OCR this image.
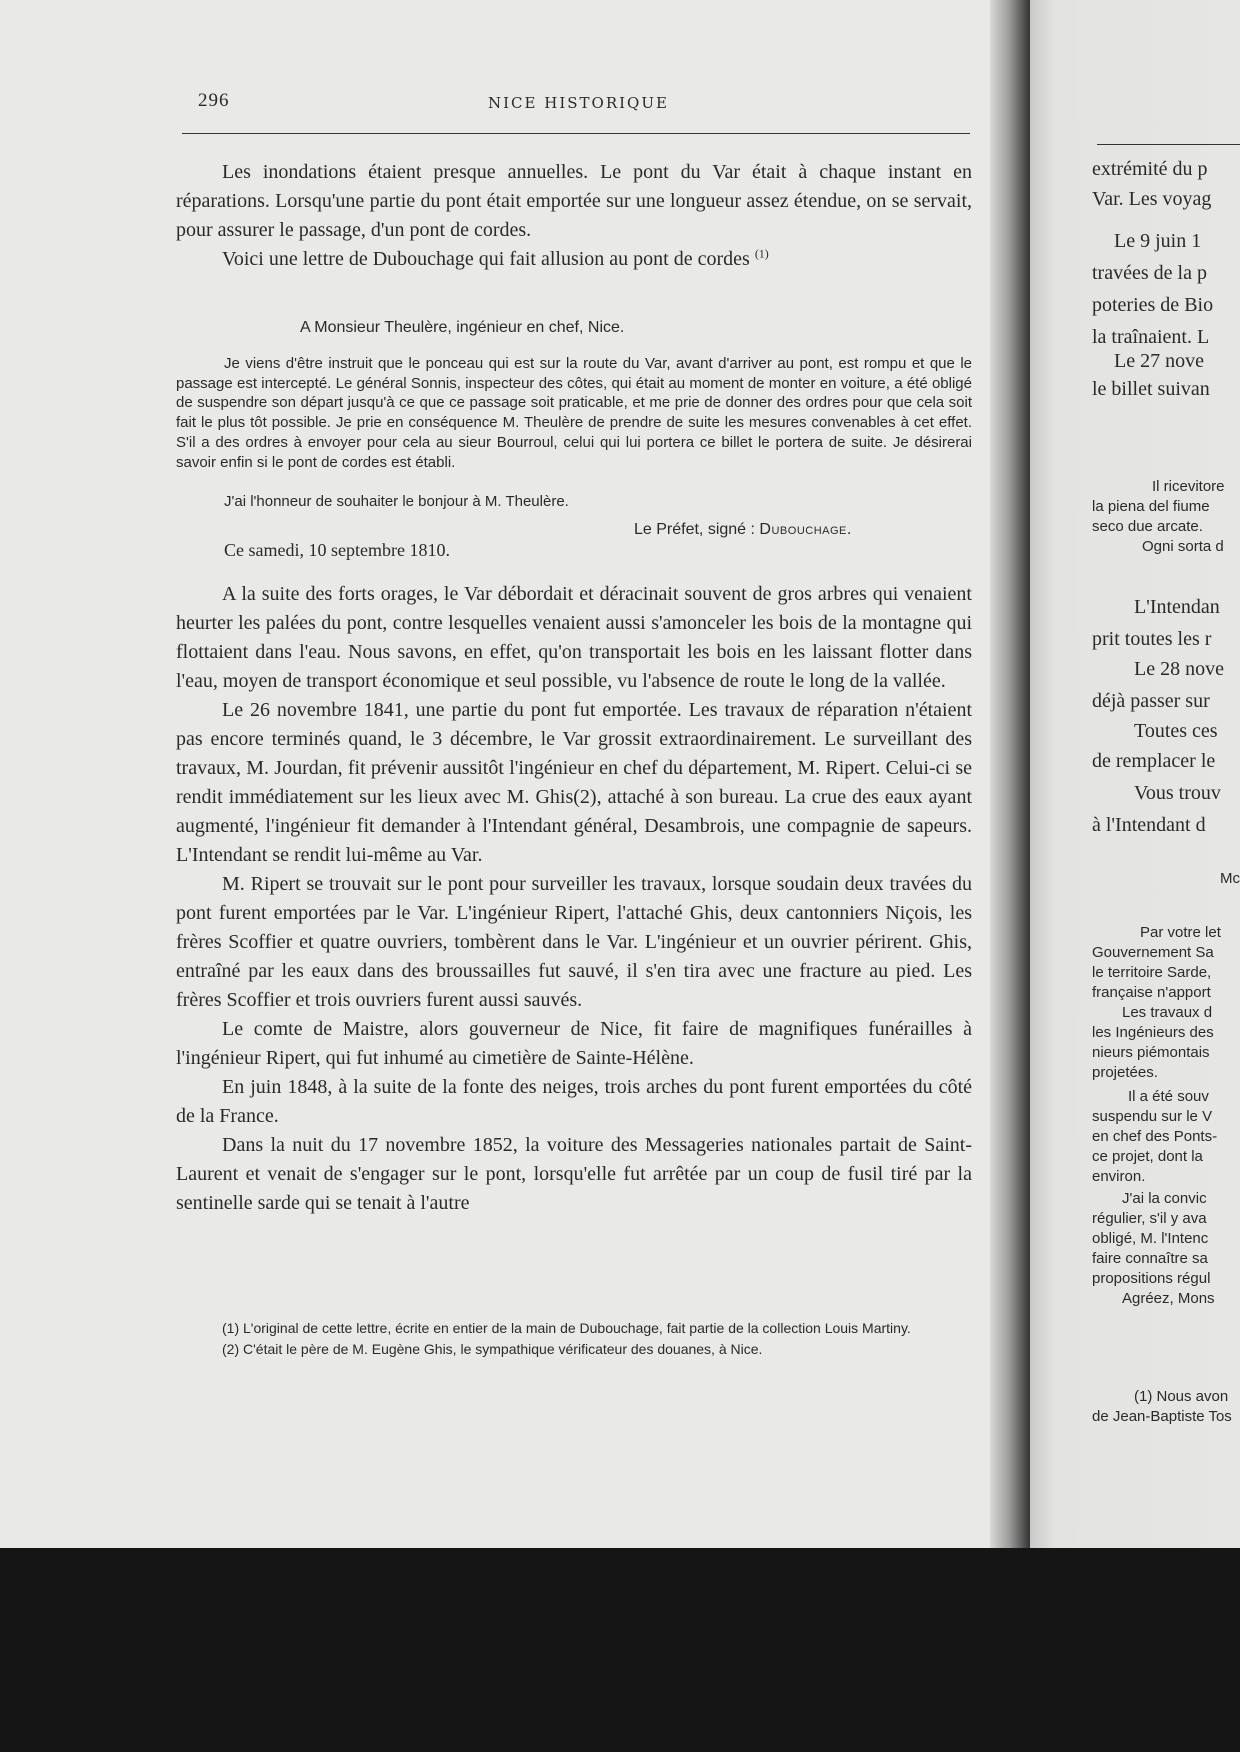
296	NICE HISTORIQUE

Les inondations étaient presque annuelles. Le pont du Var était à chaque instant en réparations. Lorsqu'une partie du pont était emportée sur une longueur assez étendue, on se servait, pour assurer le passage, d'un pont de cordes.

Voici une lettre de Dubouchage qui fait allusion au pont de cordes $^{(1)}$

A Monsieur Theulère, ingénieur en chef, Nice.

Je viens d'être instruit que le ponceau qui est sur la route du Var, avant d'arriver au pont, est rompu et que le passage est intercepté. Le général Sonnis, inspecteur des côtes, qui était au moment de monter en voiture, a été obligé de suspendre son départ jusqu'à ce que ce passage soit praticable, et me prie de donner des ordres pour que cela soit fait le plus tôt possible. Je prie en conséquence M. Theulère de prendre de suite les mesures convenables à cet effet. S'il a des ordres à envoyer pour cela au sieur Bourroul, celui qui lui portera ce billet le portera de suite. Je désirerai savoir enfin si le pont de cordes est établi.

J'ai l'honneur de souhaiter le bonjour à M. Theulère.

Le Préfet, signé : Dubouchage.
Ce samedi, 10 septembre 1810.

A la suite des forts orages, le Var débordait et déracinait souvent de gros arbres qui venaient heurter les palées du pont, contre lesquelles venaient aussi s'amonceler les bois de la montagne qui flottaient dans l'eau. Nous savons, en effet, qu'on transportait les bois en les laissant flotter dans l'eau, moyen de transport économique et seul possible, vu l'absence de route le long de la vallée.

Le 26 novembre 1841, une partie du pont fut emportée. Les travaux de réparation n'étaient pas encore terminés quand, le 3 décembre, le Var grossit extraordinairement. Le surveillant des travaux, M. Jourdan, fit prévenir aussitôt l'ingénieur en chef du département, M. Ripert. Celui-ci se rendit immédiatement sur les lieux avec M. Ghis(2), attaché à son bureau. La crue des eaux ayant augmenté, l'ingénieur fit demander à l'Intendant général, Desambrois, une compagnie de sapeurs. L'Intendant se rendit lui-même au Var.

M. Ripert se trouvait sur le pont pour surveiller les travaux, lorsque soudain deux travées du pont furent emportées par le Var. L'ingénieur Ripert, l'attaché Ghis, deux cantonniers Niçois, les frères Scoffier et quatre ouvriers, tombèrent dans le Var. L'ingénieur et un ouvrier périrent. Ghis, entraîné par les eaux dans des broussailles fut sauvé, il s'en tira avec une fracture au pied. Les frères Scoffier et trois ouvriers furent aussi sauvés.

Le comte de Maistre, alors gouverneur de Nice, fit faire de magnifiques funérailles à l'ingénieur Ripert, qui fut inhumé au cimetière de Sainte-Hélène.

En juin 1848, à la suite de la fonte des neiges, trois arches du pont furent emportées du côté de la France.

Dans la nuit du 17 novembre 1852, la voiture des Messageries nationales partait de Saint-Laurent et venait de s'engager sur le pont, lorsqu'elle fut arrêtée par un coup de fusil tiré par la sentinelle sarde qui se tenait à l'autre

(1) L'original de cette lettre, écrite en entier de la main de Dubouchage, fait partie de la collection Louis Martiny.

(2) C'était le père de M. Eugène Ghis, le sympathique vérificateur des douanes, à Nice.

extrémité du p
Var. Les voyag
Le 9 juin 1
travées de la p
poteries de Bio
la traînaient. L
Le 27 nove
le billet suivan
Il ricevitore
la piena del fiume
seco due arcate.
Ogni sorta d
L'Intendan
prit toutes les r
Le 28 nove
déjà passer sur
Toutes ces
de remplacer le
Vous trouv
à l'Intendant d
Mc
Par votre let
Gouvernement Sa
le territoire Sarde,
française n'apport
Les travaux d
les Ingénieurs des
nieurs piémontais
projetées.
Il a été souv
suspendu sur le V
en chef des Ponts-
ce projet, dont la
environ.
J'ai la convic
régulier, s'il y ava
obligé, M. l'Intenc
faire connaître sa
propositions régul
Agréez, Mons
(1) Nous avon
de Jean-Baptiste Tos
